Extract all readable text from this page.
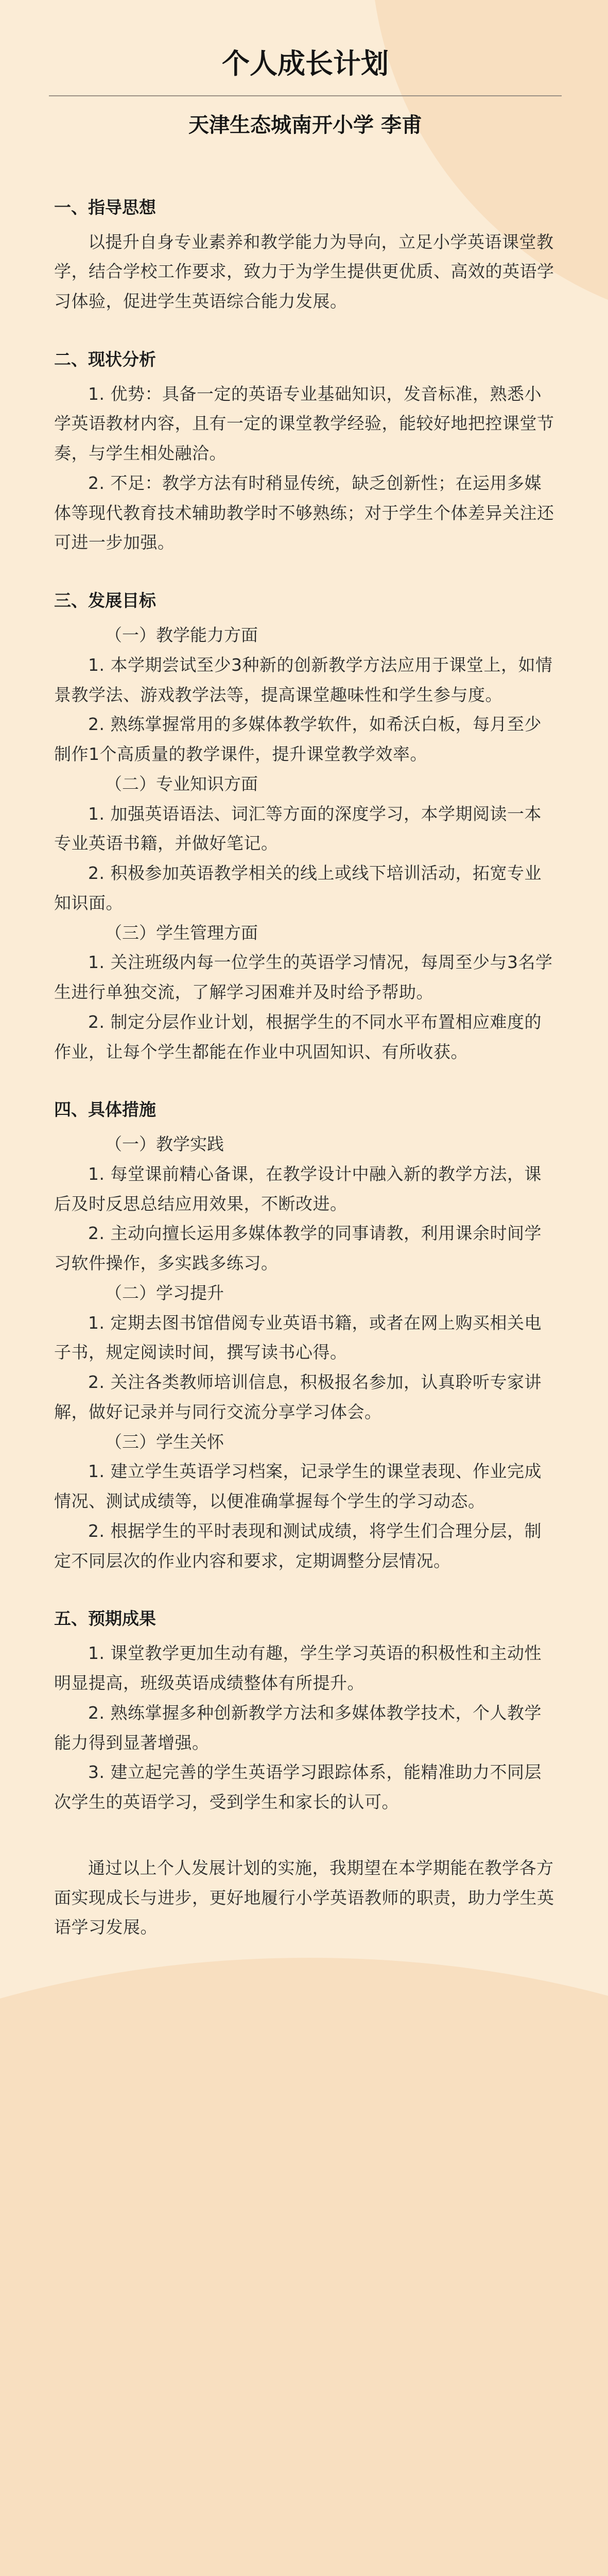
个人成长计划
天津生态城南开小学 李甫
一、指导思想

以提升自身专业素养和教学能力为导向，立足小学英语课堂教学，结合学校工作要求，致力于为学生提供更优质、高效的英语学习体验，促进学生英语综合能力发展。

二、现状分析

1. 优势：具备一定的英语专业基础知识，发音标准，熟悉小学英语教材内容，且有一定的课堂教学经验，能较好地把控课堂节奏，与学生相处融洽。

2. 不足：教学方法有时稍显传统，缺乏创新性；在运用多媒体等现代教育技术辅助教学时不够熟练；对于学生个体差异关注还可进一步加强。

三、发展目标

（一）教学能力方面

1. 本学期尝试至少3种新的创新教学方法应用于课堂上，如情景教学法、游戏教学法等，提高课堂趣味性和学生参与度。

2. 熟练掌握常用的多媒体教学软件，如希沃白板，每月至少制作1个高质量的教学课件，提升课堂教学效率。

（二）专业知识方面

1. 加强英语语法、词汇等方面的深度学习，本学期阅读一本专业英语书籍，并做好笔记。

2. 积极参加英语教学相关的线上或线下培训活动，拓宽专业知识面。

（三）学生管理方面

1. 关注班级内每一位学生的英语学习情况，每周至少与3名学生进行单独交流，了解学习困难并及时给予帮助。

2. 制定分层作业计划，根据学生的不同水平布置相应难度的作业，让每个学生都能在作业中巩固知识、有所收获。

四、具体措施

（一）教学实践

1. 每堂课前精心备课，在教学设计中融入新的教学方法，课后及时反思总结应用效果，不断改进。

2. 主动向擅长运用多媒体教学的同事请教，利用课余时间学习软件操作，多实践多练习。

（二）学习提升

1. 定期去图书馆借阅专业英语书籍，或者在网上购买相关电子书，规定阅读时间，撰写读书心得。

2. 关注各类教师培训信息，积极报名参加，认真聆听专家讲解，做好记录并与同行交流分享学习体会。

（三）学生关怀

1. 建立学生英语学习档案，记录学生的课堂表现、作业完成情况、测试成绩等，以便准确掌握每个学生的学习动态。

2. 根据学生的平时表现和测试成绩，将学生们合理分层，制定不同层次的作业内容和要求，定期调整分层情况。

五、预期成果

1. 课堂教学更加生动有趣，学生学习英语的积极性和主动性明显提高，班级英语成绩整体有所提升。

2. 熟练掌握多种创新教学方法和多媒体教学技术，个人教学能力得到显著增强。

3. 建立起完善的学生英语学习跟踪体系，能精准助力不同层次学生的英语学习，受到学生和家长的认可。

通过以上个人发展计划的实施，我期望在本学期能在教学各方面实现成长与进步，更好地履行小学英语教师的职责，助力学生英语学习发展。
